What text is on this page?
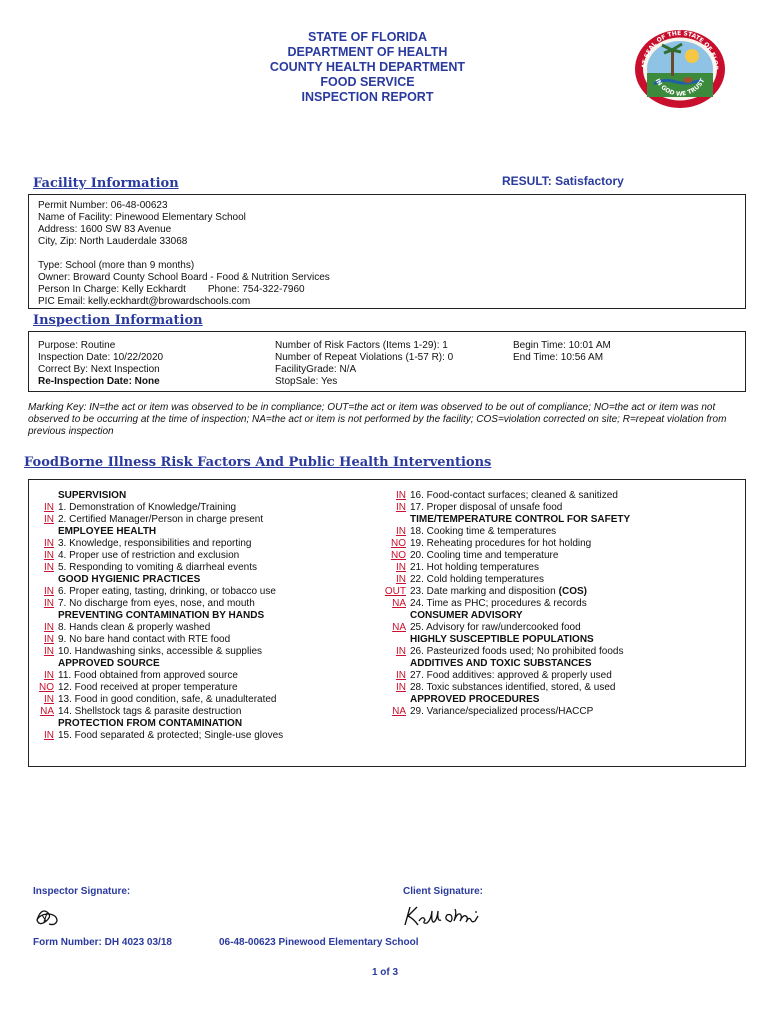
STATE OF FLORIDA
DEPARTMENT OF HEALTH
COUNTY HEALTH DEPARTMENT
FOOD SERVICE
INSPECTION REPORT
AT SEAL OF THE STATE OF FLOR
IN GOD WE TRUST
Facility Information	RESULT: Satisfactory
Permit Number: 06-48-00623
Name of Facility: Pinewood Elementary School
Address: 1600 SW 83 Avenue
City, Zip: North Lauderdale 33068
Type: School (more than 9 months)
Owner: Broward County School Board - Food & Nutrition Services
Person In Charge: Kelly Eckhardt Phone: 754-322-7960
PIC Email: kelly.eckhardt@browardschools.com
Inspection Information
Purpose: Routine
Inspection Date: 10/22/2020
Correct By: Next Inspection
Re-Inspection Date: None
Number of Risk Factors (Items 1-29): 1
Number of Repeat Violations (1-57 R): 0
FacilityGrade: N/A
StopSale: Yes
Begin Time: 10:01 AM
End Time: 10:56 AM
Marking Key: IN=the act or item was observed to be in compliance; OUT=the act or item was observed to be out of compliance; NO=the act or item was not observed to be occurring at the time of inspection; NA=the act or item is not performed by the facility; COS=violation corrected on site; R=repeat violation from previous inspection
FoodBorne Illness Risk Factors And Public Health Interventions
SUPERVISION
IN 1. Demonstration of Knowledge/Training
IN 2. Certified Manager/Person in charge present
EMPLOYEE HEALTH
IN 3. Knowledge, responsibilities and reporting
IN 4. Proper use of restriction and exclusion
IN 5. Responding to vomiting & diarrheal events
GOOD HYGIENIC PRACTICES
IN 6. Proper eating, tasting, drinking, or tobacco use
IN 7. No discharge from eyes, nose, and mouth
PREVENTING CONTAMINATION BY HANDS
IN 8. Hands clean & properly washed
IN 9. No bare hand contact with RTE food
IN 10. Handwashing sinks, accessible & supplies
APPROVED SOURCE
IN 11. Food obtained from approved source
NO 12. Food received at proper temperature
IN 13. Food in good condition, safe, & unadulterated
NA 14. Shellstock tags & parasite destruction
PROTECTION FROM CONTAMINATION
IN 15. Food separated & protected; Single-use gloves
IN 16. Food-contact surfaces; cleaned & sanitized
IN 17. Proper disposal of unsafe food
TIME/TEMPERATURE CONTROL FOR SAFETY
IN 18. Cooking time & temperatures
NO 19. Reheating procedures for hot holding
NO 20. Cooling time and temperature
IN 21. Hot holding temperatures
IN 22. Cold holding temperatures
OUT 23. Date marking and disposition (COS)
NA 24. Time as PHC; procedures & records
CONSUMER ADVISORY
NA 25. Advisory for raw/undercooked food
HIGHLY SUSCEPTIBLE POPULATIONS
IN 26. Pasteurized foods used; No prohibited foods
ADDITIVES AND TOXIC SUBSTANCES
IN 27. Food additives: approved & properly used
IN 28. Toxic substances identified, stored, & used
APPROVED PROCEDURES
NA 29. Variance/specialized process/HACCP
Inspector Signature:	Client Signature:
Form Number: DH 4023 03/18	06-48-00623 Pinewood Elementary School
1 of 3
